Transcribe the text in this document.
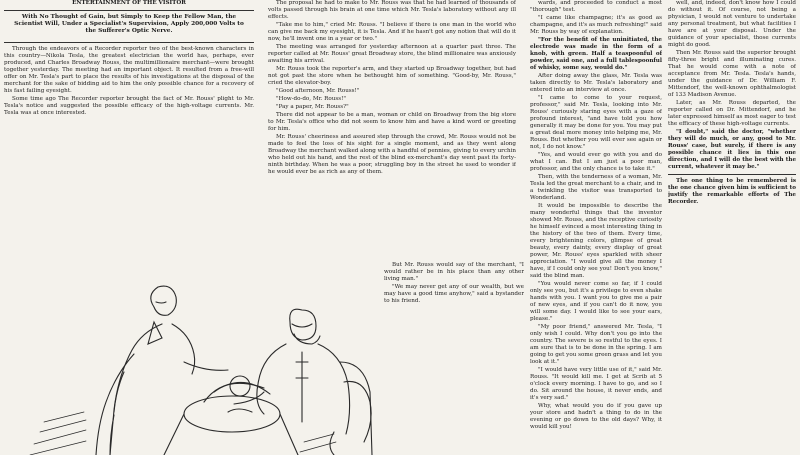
ENTERTAINMENT OF THE VISITOR
With No Thought of Gain, but Simply to Keep the Fellow Man, the Scientist Will, Under a Specialist's Supervision, Apply 200,000 Volts to the Sufferer's Optic Nerve.

Through the endeavors of a Recorder reporter two of the best-known characters in this country—Nikola Tesla, the greatest electrician the world has, perhaps, ever produced, and Charles Broadway Rouss, the multimillionaire merchant—were brought together yesterday. The meeting had an important object. It resulted from a free-will offer on Mr. Tesla's part to place the results of his investigations at the disposal of the merchant for the sake of bidding aid to him the only possible chance for a recovery of his fast failing eyesight.

Some time ago The Recorder reporter brought the fact of Mr. Rouss' plight to Mr. Tesla's notice and suggested the possible efficacy of the high-voltage currents. Mr. Tesla was at once interested.

The proposal he had to make to Mr. Rouss was that he had learned of thousands of volts passed through his brain at one time which Mr. Tesla's laboratory without any ill effects.

"Take me to him," cried Mr. Rouss. "I believe if there is one man in the world who can give me back my eyesight, it is Tesla. And if he hasn't got any notion that will do it now, he'll invent one in a year or two."

The meeting was arranged for yesterday afternoon at a quarter past three. The reporter called at Mr. Rouss' great Broadway store, the blind millionaire was anxiously awaiting his arrival.

Mr. Rouss took the reporter's arm, and they started up Broadway together, but had not got past the store when he bethought him of something. "Good-by, Mr. Rouss," cried the elevator-boy.

"Good afternoon, Mr. Rouss!"

"How-do-do, Mr. Rouss!"

"Pay a paper, Mr. Rouss?"

There did not appear to be a man, woman or child on Broadway from the big store to Mr. Tesla's office who did not seem to know him and have a kind word or greeting for him.

Mr. Rouss' cheeriness and assured step through the crowd, Mr. Rouss would not be made to feel the loss of his sight for a single moment, and as they went along Broadway the merchant walked along with a handful of pennies, giving to every urchin who held out his hand, and the rest of the blind ex-merchant's day went past its forty-ninth birthday. When he was a poor, struggling boy in the street he used to wonder if he would ever be as rich as any of them.

wards, and proceeded to conduct a most "thorough" test.

"I came like champagne; it's as good as champagne, and it's as much refreshing!" said Mr. Rouss by way of explanation.

"For the benefit of the uninitiated, the electrode was made in the form of a knob, with green. Half a teaspoonful of powder, said one, and a full tablespoonful of whisky, some say, would do."

After doing away the glass, Mr. Tesla was taken directly to Mr. Tesla's laboratory and entered into an interview at once.

"I came to come to your request, professor," said Mr. Tesla, looking into Mr. Rouss' curiously staring eyes with a gaze of profound interest, "and have told you how generally it may be done for you. You may put a great deal more money into helping me, Mr. Rouss. But whether you will ever see again or not, I do not know."

"Yes, and would ever go with you and do what I can. But I am just a poor man, professor, and the only chance is to take it."

Then, with the tenderness of a woman, Mr. Tesla led the great merchant to a chair, and in a twinkling the visitor was transported to Wonderland.

It would be impossible to describe the many wonderful things that the inventor showed Mr. Rouss, and the receptive curiosity he himself evinced a most interesting thing in the history of the two of them. Every time, every brightening colors, glimpse of great beauty, every dainty, every display of great power, Mr. Rouss' eyes sparkled with sheer appreciation. "I would give all the money I have, if I could only see you! Don't you know," said the blind man.

"You would never come so far, if I could only see you, but it's a privilege to even shake hands with you. I want you to give me a pair of new eyes, and if you can't do it now, you will some day. I would like to see your ears, please."

"My poor friend," answered Mr. Tesla, "I only wish I could. Why don't you go into the country. The severe is so restful to the eyes. I am sure that is to be done in the spring. I am going to get you some green grass and let you look at it."

"I would have very little use of it," said Mr. Rouss. "It would kill me. I get at Scrib at 5 o'clock every morning. I have to go, and so I do. Sit around the house, it never ends, and it's very sad."

Why, what would you do if you gave up your store and hadn't a thing to do in the evening or go down to the old days? Why, it would kill you!

well, and, indeed, don't know how I could do without it. Of course, not being a physician, I would not venture to undertake any personal treatment, but what facilities I have are at your disposal. Under the guidance of your specialist, those currents might do good.

Then Mr. Rouss said the superior brought fifty-three bright and illuminating cures. That he would come with a note of acceptance from Mr. Tesla. Tesla's hands, under the guidance of Dr. William F. Mittendorf, the well-known ophthalmologist of 133 Madison Avenue.

Later, as Mr. Rouss departed, the reporter called on Dr. Mittendorf, and he later expressed himself as most eager to test the efficacy of these high-voltage currents.

"I doubt," said the doctor, "whether they will do much, or any, good to Mr. Rouss' case, but surely, if there is any possible chance it lies in this one direction, and I will do the best with the current, whatever it may be."

The one thing to be remembered is the one chance given him is sufficient to justify the remarkable efforts of The Recorder.

But Mr. Rouss would say of the merchant, "I would rather be in his place than any other living man."

"We may never get any of our wealth, but we may have a good time anyhow," said a bystander to his friend.
